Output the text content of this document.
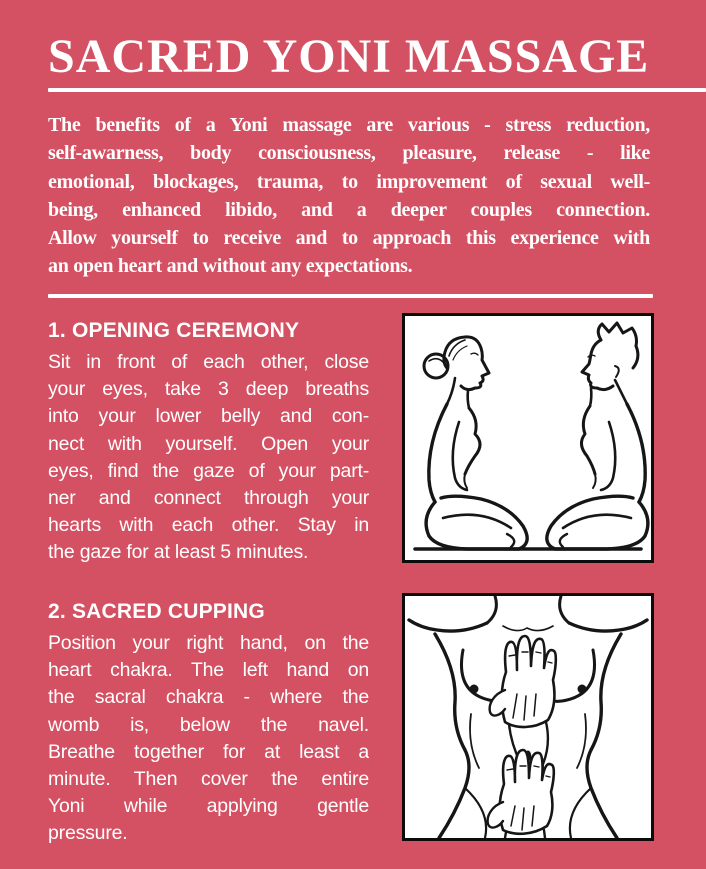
SACRED YONI MASSAGE
The benefits of a Yoni massage are various - stress reduction,
self-awarness, body consciousness, pleasure, release - like
emotional, blockages, trauma, to improvement of sexual well-
being, enhanced libido, and a deeper couples connection.
Allow yourself to receive and to approach this experience with
an open heart and without any expectations.
1. OPENING CEREMONY
Sit in front of each other, close
your eyes, take 3 deep breaths
into your lower belly and con-
nect with yourself. Open your
eyes, find the gaze of your part-
ner and connect through your
hearts with each other. Stay in
the gaze for at least 5 minutes.
2. SACRED CUPPING
Position your right hand, on the
heart chakra. The left hand on
the sacral chakra - where the
womb is, below the navel.
Breathe together for at least a
minute. Then cover the entire
Yoni while applying gentle
pressure.
